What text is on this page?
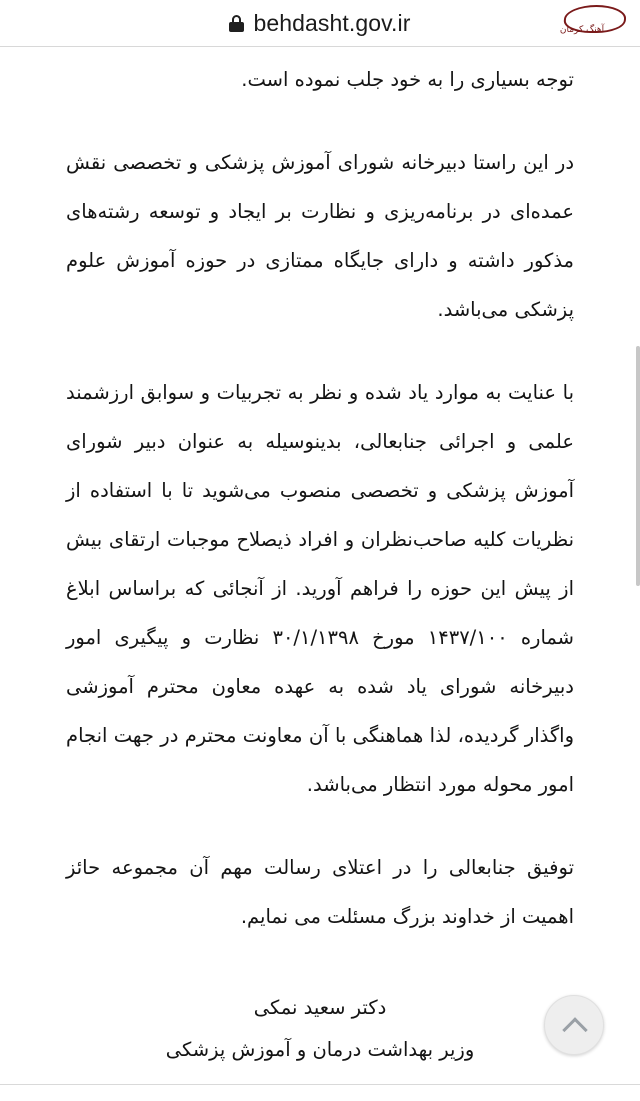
behdasht.gov.ir	آهنگ کرمان

توجه بسیاری را به خود جلب نموده است.

در این راستا دبیرخانه شورای آموزش پزشکی و تخصصی نقش عمده‌ای در برنامه‌ریزی و نظارت بر ایجاد و توسعه رشته‌های مذکور داشته و دارای جایگاه ممتازی در حوزه آموزش علوم پزشکی می‌باشد.

با عنایت به موارد یاد شده و نظر به تجربیات و سوابق ارزشمند علمی و اجرائی جنابعالی، بدینوسیله به عنوان دبیر شورای آموزش پزشکی و تخصصی منصوب می‌شوید تا با استفاده از نظریات کلیه صاحب‌نظران و افراد ذیصلاح موجبات ارتقای بیش از پیش این حوزه را فراهم آورید. از آنجائی که براساس ابلاغ شماره ۱۴۳۷/۱۰۰ مورخ ۳۰/۱/۱۳۹۸ نظارت و پیگیری امور دبیرخانه شورای یاد شده به عهده معاون محترم آموزشی واگذار گردیده، لذا هماهنگی با آن معاونت محترم در جهت انجام امور محوله مورد انتظار می‌باشد.

توفیق جنابعالی را در اعتلای رسالت مهم آن مجموعه حائز اهمیت از خداوند بزرگ مسئلت می نمایم.

دکتر سعید نمکی
وزیر بهداشت درمان و آموزش پزشکی
